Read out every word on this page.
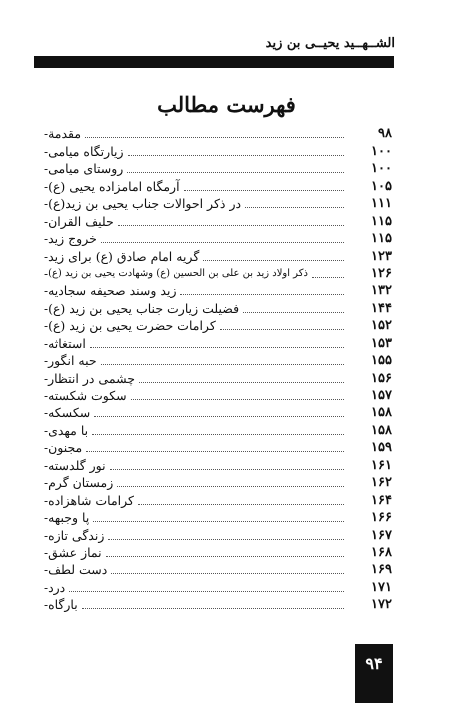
الشــهــيد يحيــى بن زيد
فهرست مطالب
- مقدمة	۹۸
- زیارتگاه میامی	۱۰۰
- روستای میامی	۱۰۰
- آرمگاه امامزاده یحیی (ع)	۱۰۵
- در ذکر احوالات جناب یحیی بن زید(ع)	۱۱۱
- حلیف القران	۱۱۵
- خروج زید	۱۱۵
- گریه امام صادق (ع) برای زید	۱۲۳
- ذکر اولاد زید بن علی بن الحسین (ع) وشهادت یحیی بن زید (ع)	۱۲۶
- زید وسند صحیفه سجادیه	۱۳۲
- فضیلت زیارت جناب یحیی بن زید (ع)	۱۴۴
- کرامات حضرت یحیی بن زید (ع)	۱۵۲
- استغاثه	۱۵۳
- حبه انگور	۱۵۵
- چشمی در انتظار	۱۵۶
- سکوت شکسته	۱۵۷
- سکسکه	۱۵۸
- با مهدی	۱۵۸
- مجنون	۱۵۹
- نور گلدسته	۱۶۱
- زمستان گرم	۱۶۲
- کرامات شاهزاده	۱۶۴
- پا وجبهه	۱۶۶
- زندگی تازه	۱۶۷
- نماز عشق	۱۶۸
- دست لطف	۱۶۹
- درد	۱۷۱
- بارگاه	۱۷۲
۹۴
